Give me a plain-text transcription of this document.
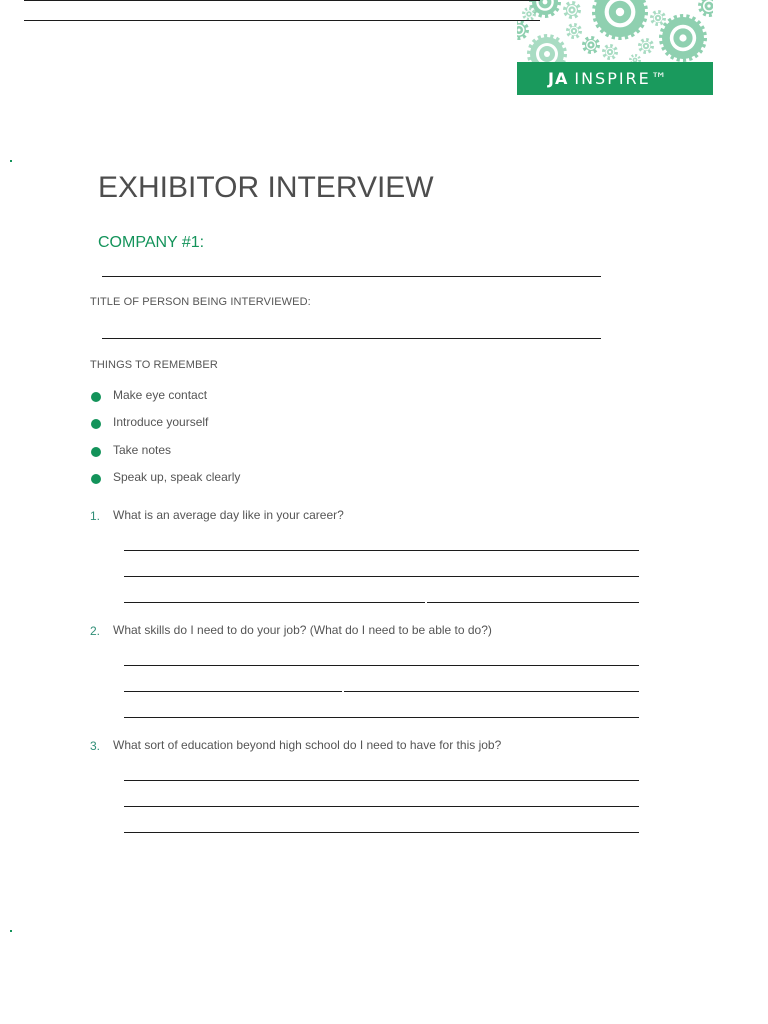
JA INSPIRE™
EXHIBITOR INTERVIEW
COMPANY #1:
TITLE OF PERSON BEING INTERVIEWED:
THINGS TO REMEMBER
Make eye contact
Introduce yourself
Take notes
Speak up, speak clearly
1. What is an average day like in your career?
2. What skills do I need to do your job? (What do I need to be able to do?)
3. What sort of education beyond high school do I need to have for this job?
